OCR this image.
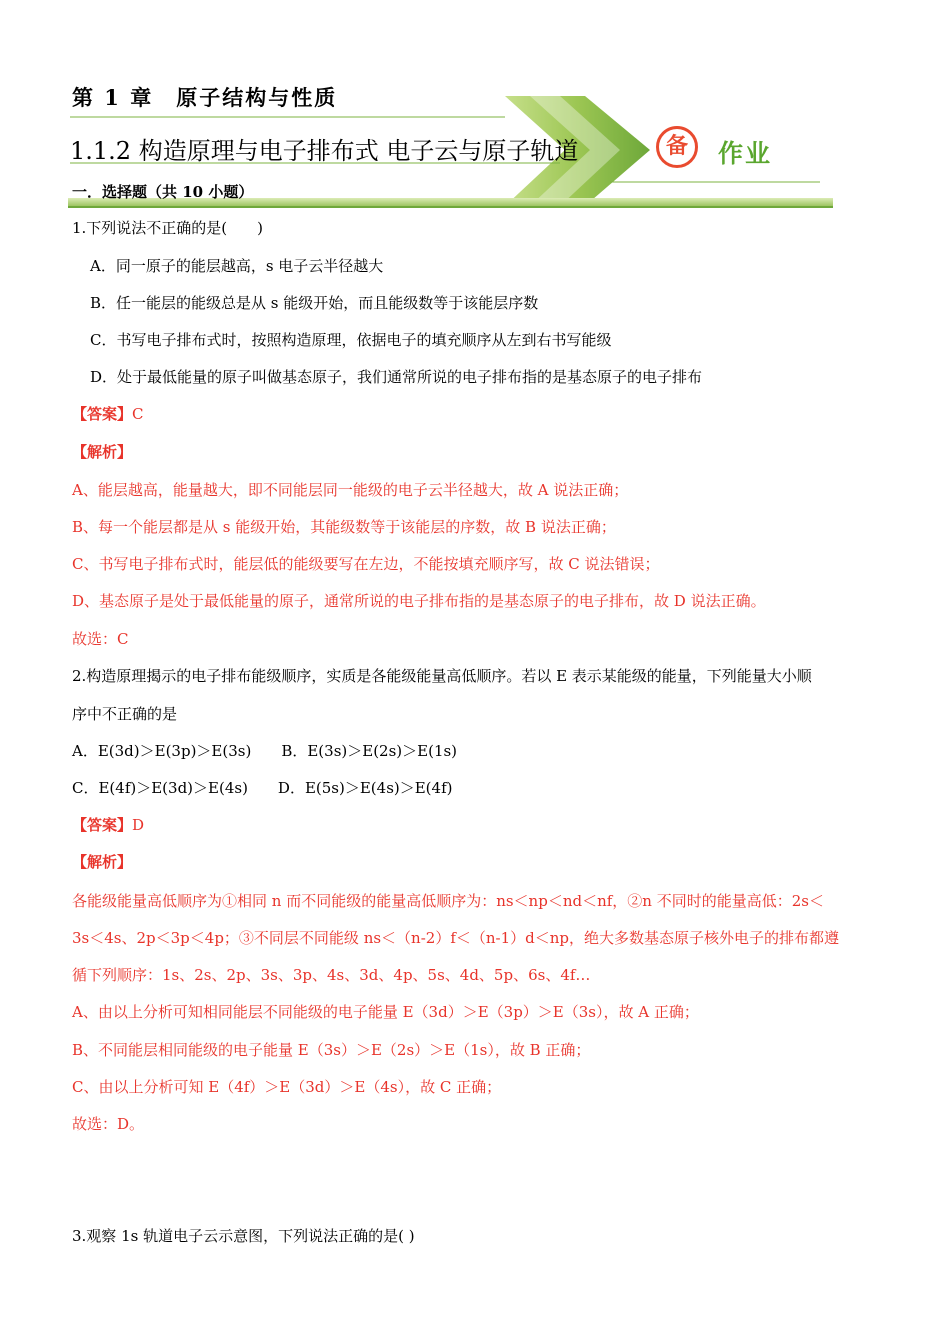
第 1 章　原子结构与性质
1.1.2 构造原理与电子排布式 电子云与原子轨道	备	作业
一．选择题（共 10 小题）
1.下列说法不正确的是(　　)
A．同一原子的能层越高，s 电子云半径越大
B．任一能层的能级总是从 s 能级开始，而且能级数等于该能层序数
C．书写电子排布式时，按照构造原理，依据电子的填充顺序从左到右书写能级
D．处于最低能量的原子叫做基态原子，我们通常所说的电子排布指的是基态原子的电子排布
【答案】C
【解析】
A、能层越高，能量越大，即不同能层同一能级的电子云半径越大，故 A 说法正确；
B、每一个能层都是从 s 能级开始，其能级数等于该能层的序数，故 B 说法正确；
C、书写电子排布式时，能层低的能级要写在左边，不能按填充顺序写，故 C 说法错误；
D、基态原子是处于最低能量的原子，通常所说的电子排布指的是基态原子的电子排布，故 D 说法正确。
故选：C
2.构造原理揭示的电子排布能级顺序，实质是各能级能量高低顺序。若以 E 表示某能级的能量，下列能量大小顺
序中不正确的是
A．E(3d)＞E(3p)＞E(3s)　　B．E(3s)＞E(2s)＞E(1s)
C．E(4f)＞E(3d)＞E(4s)　　D．E(5s)＞E(4s)＞E(4f)
【答案】D
【解析】
各能级能量高低顺序为①相同 n 而不同能级的能量高低顺序为：ns＜np＜nd＜nf，②n 不同时的能量高低：2s＜
3s＜4s、2p＜3p＜4p；③不同层不同能级 ns＜（n-2）f＜（n-1）d＜np，绝大多数基态原子核外电子的排布都遵
循下列顺序：1s、2s、2p、3s、3p、4s、3d、4p、5s、4d、5p、6s、4f…
A、由以上分析可知相同能层不同能级的电子能量 E（3d）＞E（3p）＞E（3s），故 A 正确；
B、不同能层相同能级的电子能量 E（3s）＞E（2s）＞E（1s），故 B 正确；
C、由以上分析可知 E（4f）＞E（3d）＞E（4s），故 C 正确；
故选：D。
3.观察 1s 轨道电子云示意图，下列说法正确的是( )
